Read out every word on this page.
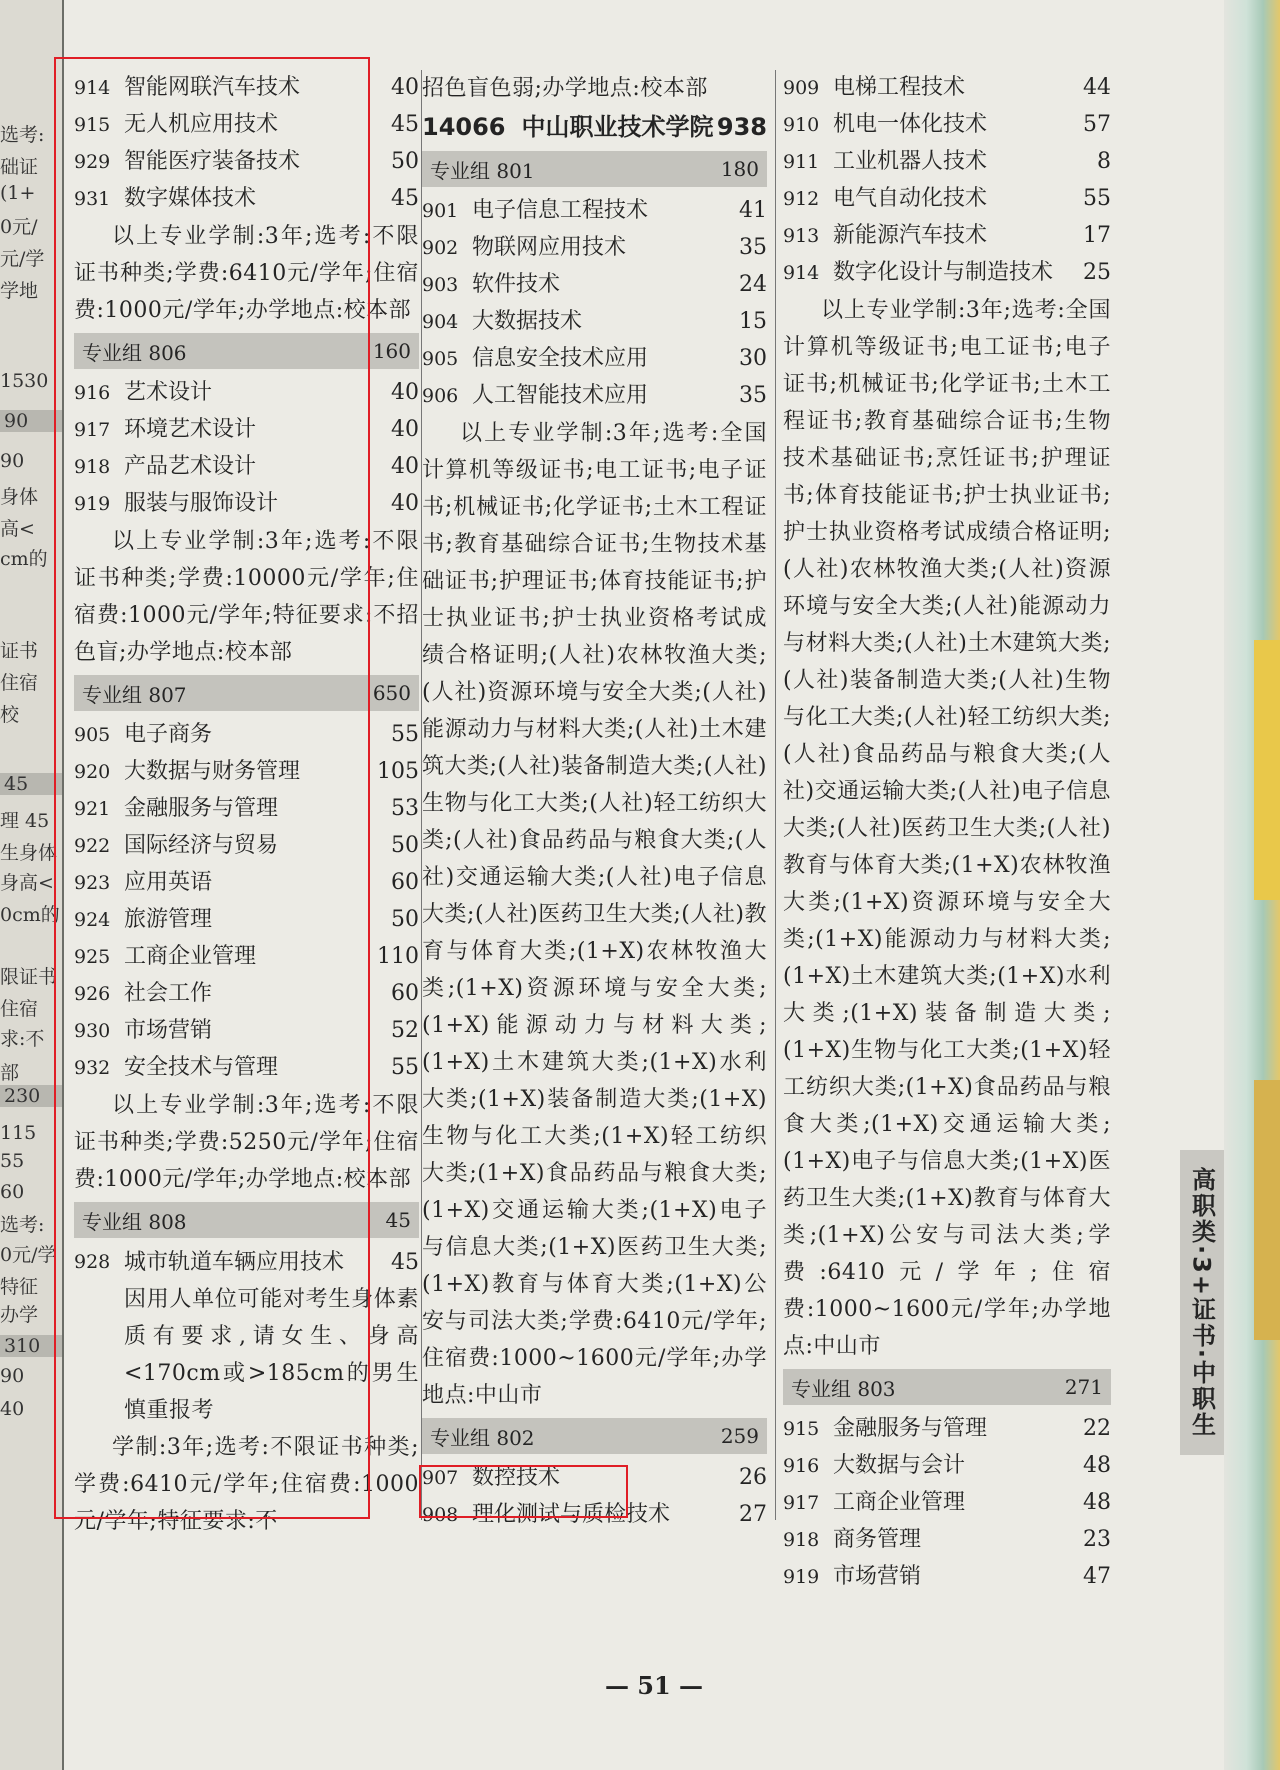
选考:
础证
(1+
0元/
元/学
学地
1530
90
90
身体
高<
cm的
证书
住宿
校
45
理 45
生身体
身高<
0cm的
限证书
住宿
求:不
部
230
115
55
60
选考:
0元/学
特征
办学
310
90
40
914 智能网联汽车技术	40
915 无人机应用技术	45
929 智能医疗装备技术	50
931 数字媒体技术	45

以上专业学制:3年;选考:不限证书种类;学费:6410元/学年;住宿费:1000元/学年;办学地点:校本部

专业组 806	160
916 艺术设计	40
917 环境艺术设计	40
918 产品艺术设计	40
919 服装与服饰设计	40

以上专业学制:3年;选考:不限证书种类;学费:10000元/学年;住宿费:1000元/学年;特征要求:不招色盲;办学地点:校本部

专业组 807	650
905 电子商务	55
920 大数据与财务管理	105
921 金融服务与管理	53
922 国际经济与贸易	50
923 应用英语	60
924 旅游管理	50
925 工商企业管理	110
926 社会工作	60
930 市场营销	52
932 安全技术与管理	55

以上专业学制:3年;选考:不限证书种类;学费:5250元/学年;住宿费:1000元/学年;办学地点:校本部

专业组 808	45
928 城市轨道车辆应用技术 45

因用人单位可能对考生身体素质有要求,请女生、身高<170cm或>185cm的男生慎重报考

学制:3年;选考:不限证书种类;学费:6410元/学年;住宿费:1000元/学年;特征要求:不

招色盲色弱;办学地点:校本部

14066 中山职业技术学院 938
专业组 801	180
901 电子信息工程技术	41
902 物联网应用技术	35
903 软件技术	24
904 大数据技术	15
905 信息安全技术应用	30
906 人工智能技术应用	35

以上专业学制:3年;选考:全国计算机等级证书;电工证书;电子证书;机械证书;化学证书;土木工程证书;教育基础综合证书;生物技术基础证书;护理证书;体育技能证书;护士执业证书;护士执业资格考试成绩合格证明;(人社)农林牧渔大类;(人社)资源环境与安全大类;(人社)能源动力与材料大类;(人社)土木建筑大类;(人社)装备制造大类;(人社)生物与化工大类;(人社)轻工纺织大类;(人社)食品药品与粮食大类;(人社)交通运输大类;(人社)电子信息大类;(人社)医药卫生大类;(人社)教育与体育大类;(1+X)农林牧渔大类;(1+X)资源环境与安全大类;(1+X)能源动力与材料大类;(1+X)土木建筑大类;(1+X)水利大类;(1+X)装备制造大类;(1+X)生物与化工大类;(1+X)轻工纺织大类;(1+X)食品药品与粮食大类;(1+X)交通运输大类;(1+X)电子与信息大类;(1+X)医药卫生大类;(1+X)教育与体育大类;(1+X)公安与司法大类;学费:6410元/学年;住宿费:1000~1600元/学年;办学地点:中山市

专业组 802	259
907 数控技术	26
908 理化测试与质检技术	27
909 电梯工程技术	44
910 机电一体化技术	57
911 工业机器人技术	8
912 电气自动化技术	55
913 新能源汽车技术	17
914 数字化设计与制造技术	25

以上专业学制:3年;选考:全国计算机等级证书;电工证书;电子证书;机械证书;化学证书;土木工程证书;教育基础综合证书;生物技术基础证书;烹饪证书;护理证书;体育技能证书;护士执业证书;护士执业资格考试成绩合格证明;(人社)农林牧渔大类;(人社)资源环境与安全大类;(人社)能源动力与材料大类;(人社)土木建筑大类;(人社)装备制造大类;(人社)生物与化工大类;(人社)轻工纺织大类;(人社)食品药品与粮食大类;(人社)交通运输大类;(人社)电子信息大类;(人社)医药卫生大类;(人社)教育与体育大类;(1+X)农林牧渔大类;(1+X)资源环境与安全大类;(1+X)能源动力与材料大类;(1+X)土木建筑大类;(1+X)水利大类;(1+X)装备制造大类;(1+X)生物与化工大类;(1+X)轻工纺织大类;(1+X)食品药品与粮食大类;(1+X)交通运输大类;(1+X)电子与信息大类;(1+X)医药卫生大类;(1+X)教育与体育大类;(1+X)公安与司法大类;学费:6410元/学年;住宿费:1000~1600元/学年;办学地点:中山市

专业组 803	271
915 金融服务与管理	22
916 大数据与会计	48
917 工商企业管理	48
918 商务管理	23
919 市场营销	47
高职类·3+证书·中职生
— 51 —
